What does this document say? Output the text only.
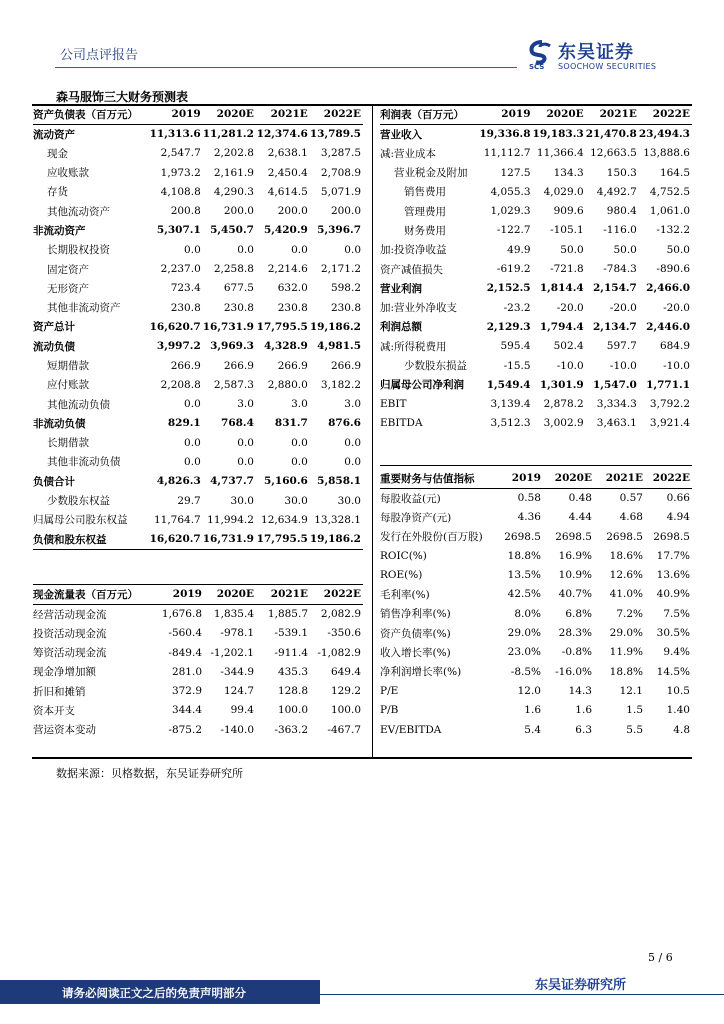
公司点评报告
SCS
东吴证券
SOOCHOW SECURITIES
森马服饰三大财务预测表
资产负债表（百万元）	2019	2020E	2021E	2022E
流动资产	11,313.6	11,281.2	12,374.6	13,789.5
现金	2,547.7	2,202.8	2,638.1	3,287.5
应收账款	1,973.2	2,161.9	2,450.4	2,708.9
存货	4,108.8	4,290.3	4,614.5	5,071.9
其他流动资产	200.8	200.0	200.0	200.0
非流动资产	5,307.1	5,450.7	5,420.9	5,396.7
长期股权投资	0.0	0.0	0.0	0.0
固定资产	2,237.0	2,258.8	2,214.6	2,171.2
无形资产	723.4	677.5	632.0	598.2
其他非流动资产	230.8	230.8	230.8	230.8
资产总计	16,620.7	16,731.9	17,795.5	19,186.2
流动负债	3,997.2	3,969.3	4,328.9	4,981.5
短期借款	266.9	266.9	266.9	266.9
应付账款	2,208.8	2,587.3	2,880.0	3,182.2
其他流动负债	0.0	3.0	3.0	3.0
非流动负债	829.1	768.4	831.7	876.6
长期借款	0.0	0.0	0.0	0.0
其他非流动负债	0.0	0.0	0.0	0.0
负债合计	4,826.3	4,737.7	5,160.6	5,858.1
少数股东权益	29.7	30.0	30.0	30.0
归属母公司股东权益	11,764.7	11,994.2	12,634.9	13,328.1
负债和股东权益	16,620.7	16,731.9	17,795.5	19,186.2
利润表（百万元）	2019	2020E	2021E	2022E
营业收入	19,336.8	19,183.3	21,470.8	23,494.3
减:营业成本	11,112.7	11,366.4	12,663.5	13,888.6
营业税金及附加	127.5	134.3	150.3	164.5
销售费用	4,055.3	4,029.0	4,492.7	4,752.5
管理费用	1,029.3	909.6	980.4	1,061.0
财务费用	-122.7	-105.1	-116.0	-132.2
加:投资净收益	49.9	50.0	50.0	50.0
资产减值损失	-619.2	-721.8	-784.3	-890.6
营业利润	2,152.5	1,814.4	2,154.7	2,466.0
加:营业外净收支	-23.2	-20.0	-20.0	-20.0
利润总额	2,129.3	1,794.4	2,134.7	2,446.0
减:所得税费用	595.4	502.4	597.7	684.9
少数股东损益	-15.5	-10.0	-10.0	-10.0
归属母公司净利润	1,549.4	1,301.9	1,547.0	1,771.1
EBIT	3,139.4	2,878.2	3,334.3	3,792.2
EBITDA	3,512.3	3,002.9	3,463.1	3,921.4
重要财务与估值指标	2019	2020E	2021E	2022E
每股收益(元)	0.58	0.48	0.57	0.66
每股净资产(元)	4.36	4.44	4.68	4.94
发行在外股份(百万股)	2698.5	2698.5	2698.5	2698.5
ROIC(%)	18.8%	16.9%	18.6%	17.7%
ROE(%)	13.5%	10.9%	12.6%	13.6%
毛利率(%)	42.5%	40.7%	41.0%	40.9%
销售净利率(%)	8.0%	6.8%	7.2%	7.5%
资产负债率(%)	29.0%	28.3%	29.0%	30.5%
收入增长率(%)	23.0%	-0.8%	11.9%	9.4%
净利润增长率(%)	-8.5%	-16.0%	18.8%	14.5%
P/E	12.0	14.3	12.1	10.5
P/B	1.6	1.6	1.5	1.40
EV/EBITDA	5.4	6.3	5.5	4.8
现金流量表（百万元）	2019	2020E	2021E	2022E
经营活动现金流	1,676.8	1,835.4	1,885.7	2,082.9
投资活动现金流	-560.4	-978.1	-539.1	-350.6
筹资活动现金流	-849.4	-1,202.1	-911.4	-1,082.9
现金净增加额	281.0	-344.9	435.3	649.4
折旧和摊销	372.9	124.7	128.8	129.2
资本开支	344.4	99.4	100.0	100.0
营运资本变动	-875.2	-140.0	-363.2	-467.7
数据来源：贝格数据，东吴证券研究所
5 / 6
请务必阅读正文之后的免责声明部分	东吴证券研究所
